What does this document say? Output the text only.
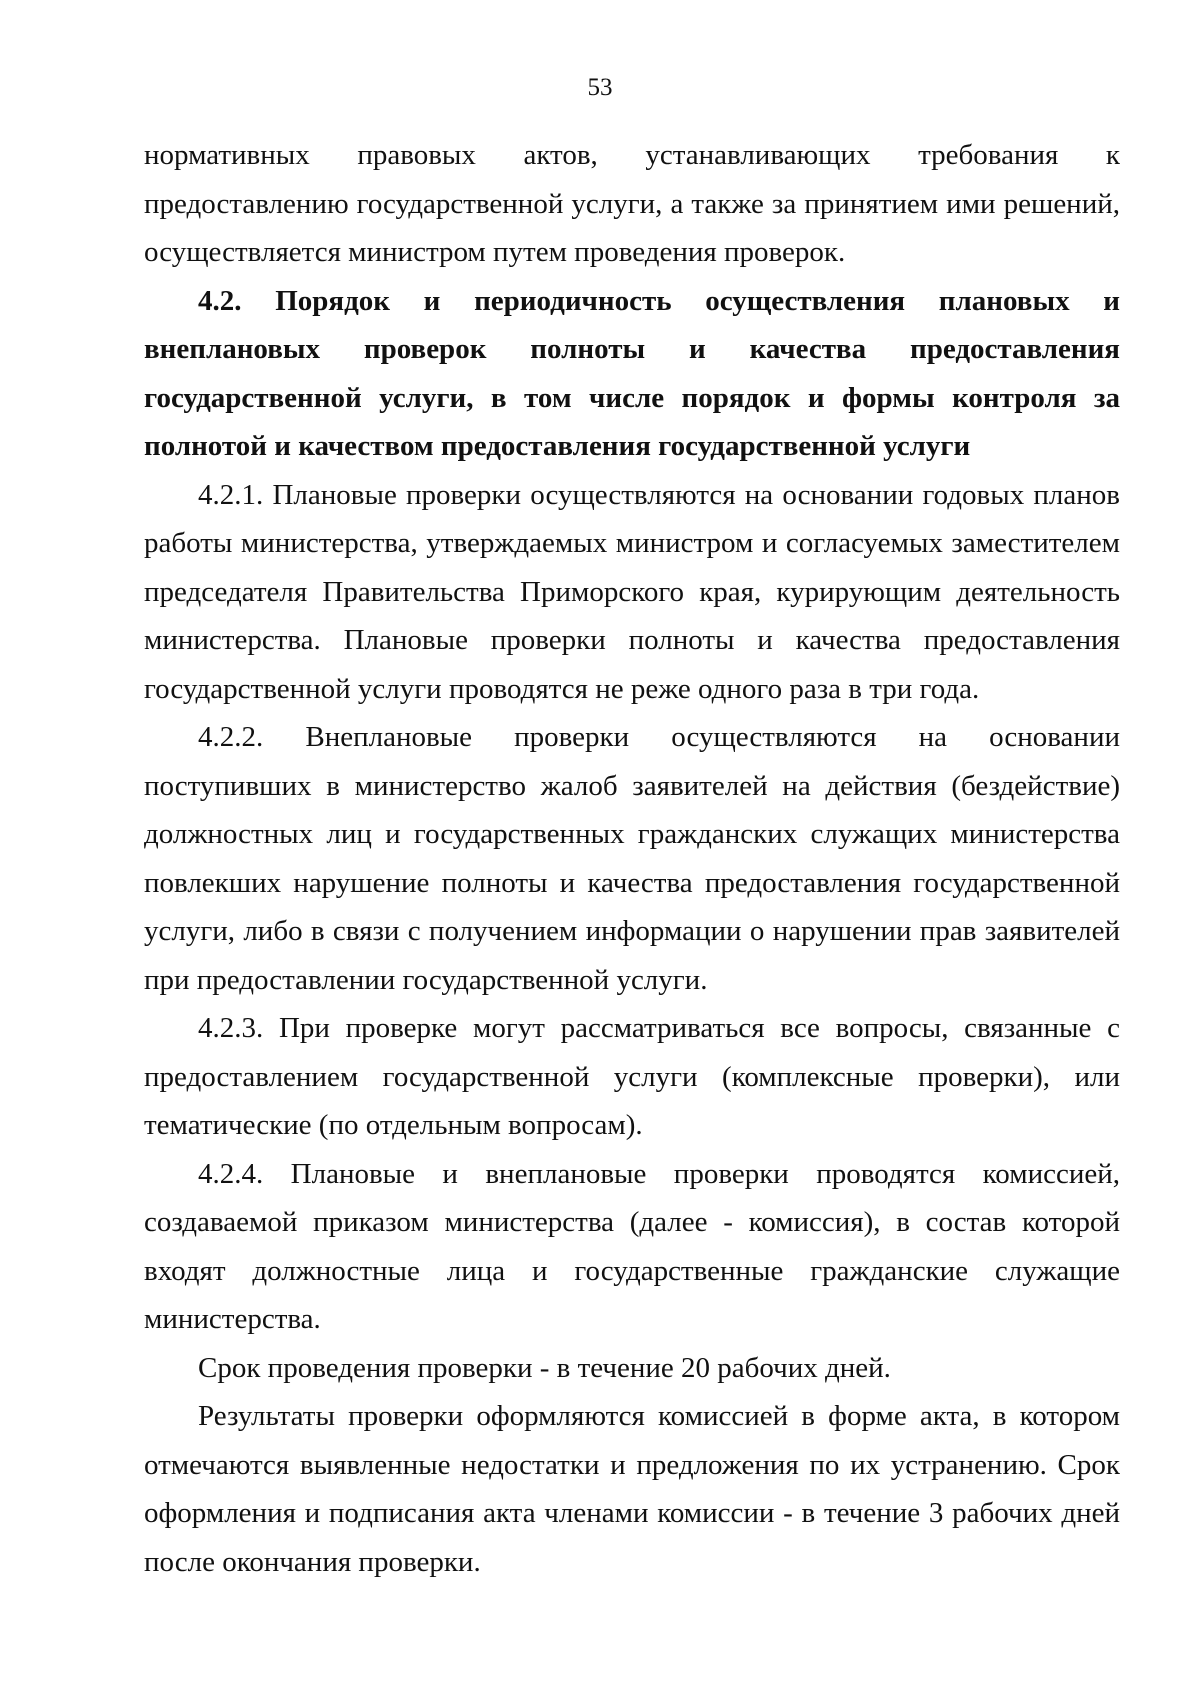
53

нормативных правовых актов, устанавливающих требования к предоставлению государственной услуги, а также за принятием ими решений, осуществляется министром путем проведения проверок.

4.2. Порядок и периодичность осуществления плановых и внеплановых проверок полноты и качества предоставления государственной услуги, в том числе порядок и формы контроля за полнотой и качеством предоставления государственной услуги

4.2.1. Плановые проверки осуществляются на основании годовых планов работы министерства, утверждаемых министром и согласуемых заместителем председателя Правительства Приморского края, курирующим деятельность министерства. Плановые проверки полноты и качества предоставления государственной услуги проводятся не реже одного раза в три года.

4.2.2. Внеплановые проверки осуществляются на основании поступивших в министерство жалоб заявителей на действия (бездействие) должностных лиц и государственных гражданских служащих министерства повлекших нарушение полноты и качества предоставления государственной услуги, либо в связи с получением информации о нарушении прав заявителей при предоставлении государственной услуги.

4.2.3. При проверке могут рассматриваться все вопросы, связанные с предоставлением государственной услуги (комплексные проверки), или тематические (по отдельным вопросам).

4.2.4. Плановые и внеплановые проверки проводятся комиссией, создаваемой приказом министерства (далее - комиссия), в состав которой входят должностные лица и государственные гражданские служащие министерства.

Срок проведения проверки - в течение 20 рабочих дней.

Результаты проверки оформляются комиссией в форме акта, в котором отмечаются выявленные недостатки и предложения по их устранению. Срок оформления и подписания акта членами комиссии - в течение 3 рабочих дней после окончания проверки.
